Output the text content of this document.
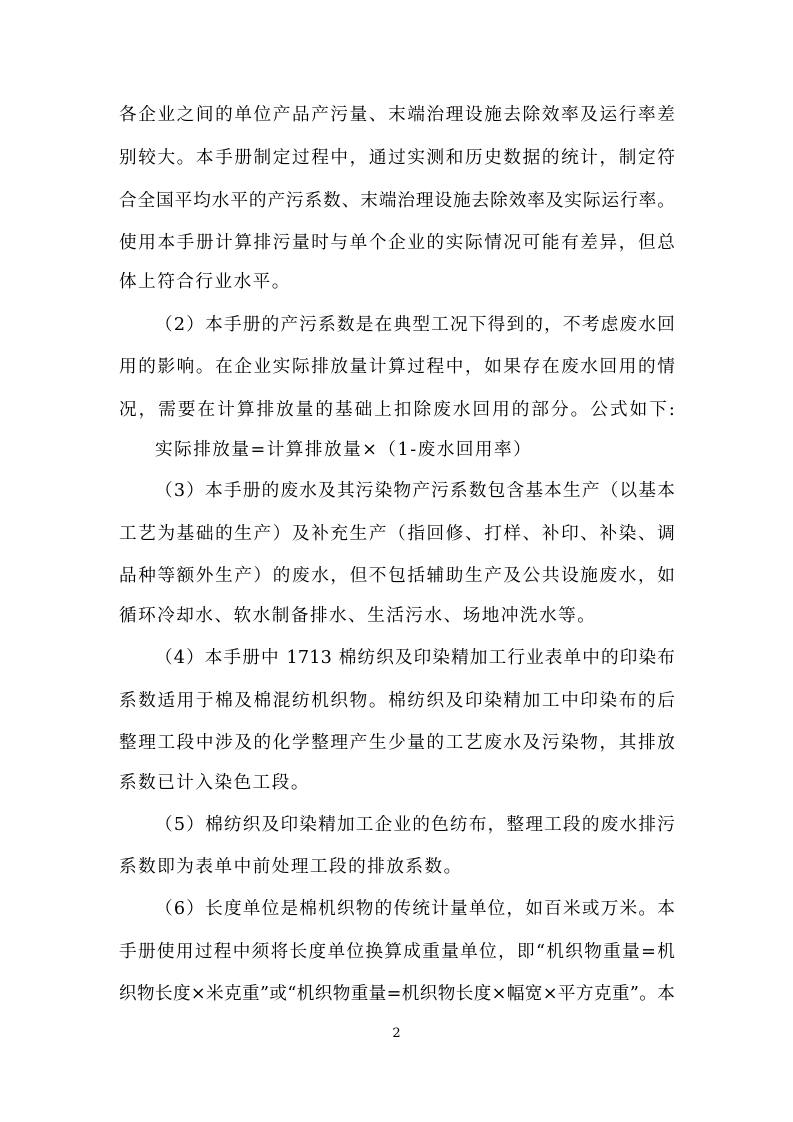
各企业之间的单位产品产污量、末端治理设施去除效率及运行率差
别较大。本手册制定过程中，通过实测和历史数据的统计，制定符
合全国平均水平的产污系数、末端治理设施去除效率及实际运行率。
使用本手册计算排污量时与单个企业的实际情况可能有差异，但总
体上符合行业水平。
（2）本手册的产污系数是在典型工况下得到的，不考虑废水回
用的影响。在企业实际排放量计算过程中，如果存在废水回用的情
况，需要在计算排放量的基础上扣除废水回用的部分。公式如下:
实际排放量=计算排放量×（1-废水回用率）
（3）本手册的废水及其污染物产污系数包含基本生产（以基本
工艺为基础的生产）及补充生产（指回修、打样、补印、补染、调
品种等额外生产）的废水，但不包括辅助生产及公共设施废水，如
循环冷却水、软水制备排水、生活污水、场地冲洗水等。
（4）本手册中 1713 棉纺织及印染精加工行业表单中的印染布
系数适用于棉及棉混纺机织物。棉纺织及印染精加工中印染布的后
整理工段中涉及的化学整理产生少量的工艺废水及污染物，其排放
系数已计入染色工段。
（5）棉纺织及印染精加工企业的色纺布，整理工段的废水排污
系数即为表单中前处理工段的排放系数。
（6）长度单位是棉机织物的传统计量单位，如百米或万米。本
手册使用过程中须将长度单位换算成重量单位，即“机织物重量=机
织物长度×米克重”或“机织物重量=机织物长度×幅宽×平方克重”。本
2
